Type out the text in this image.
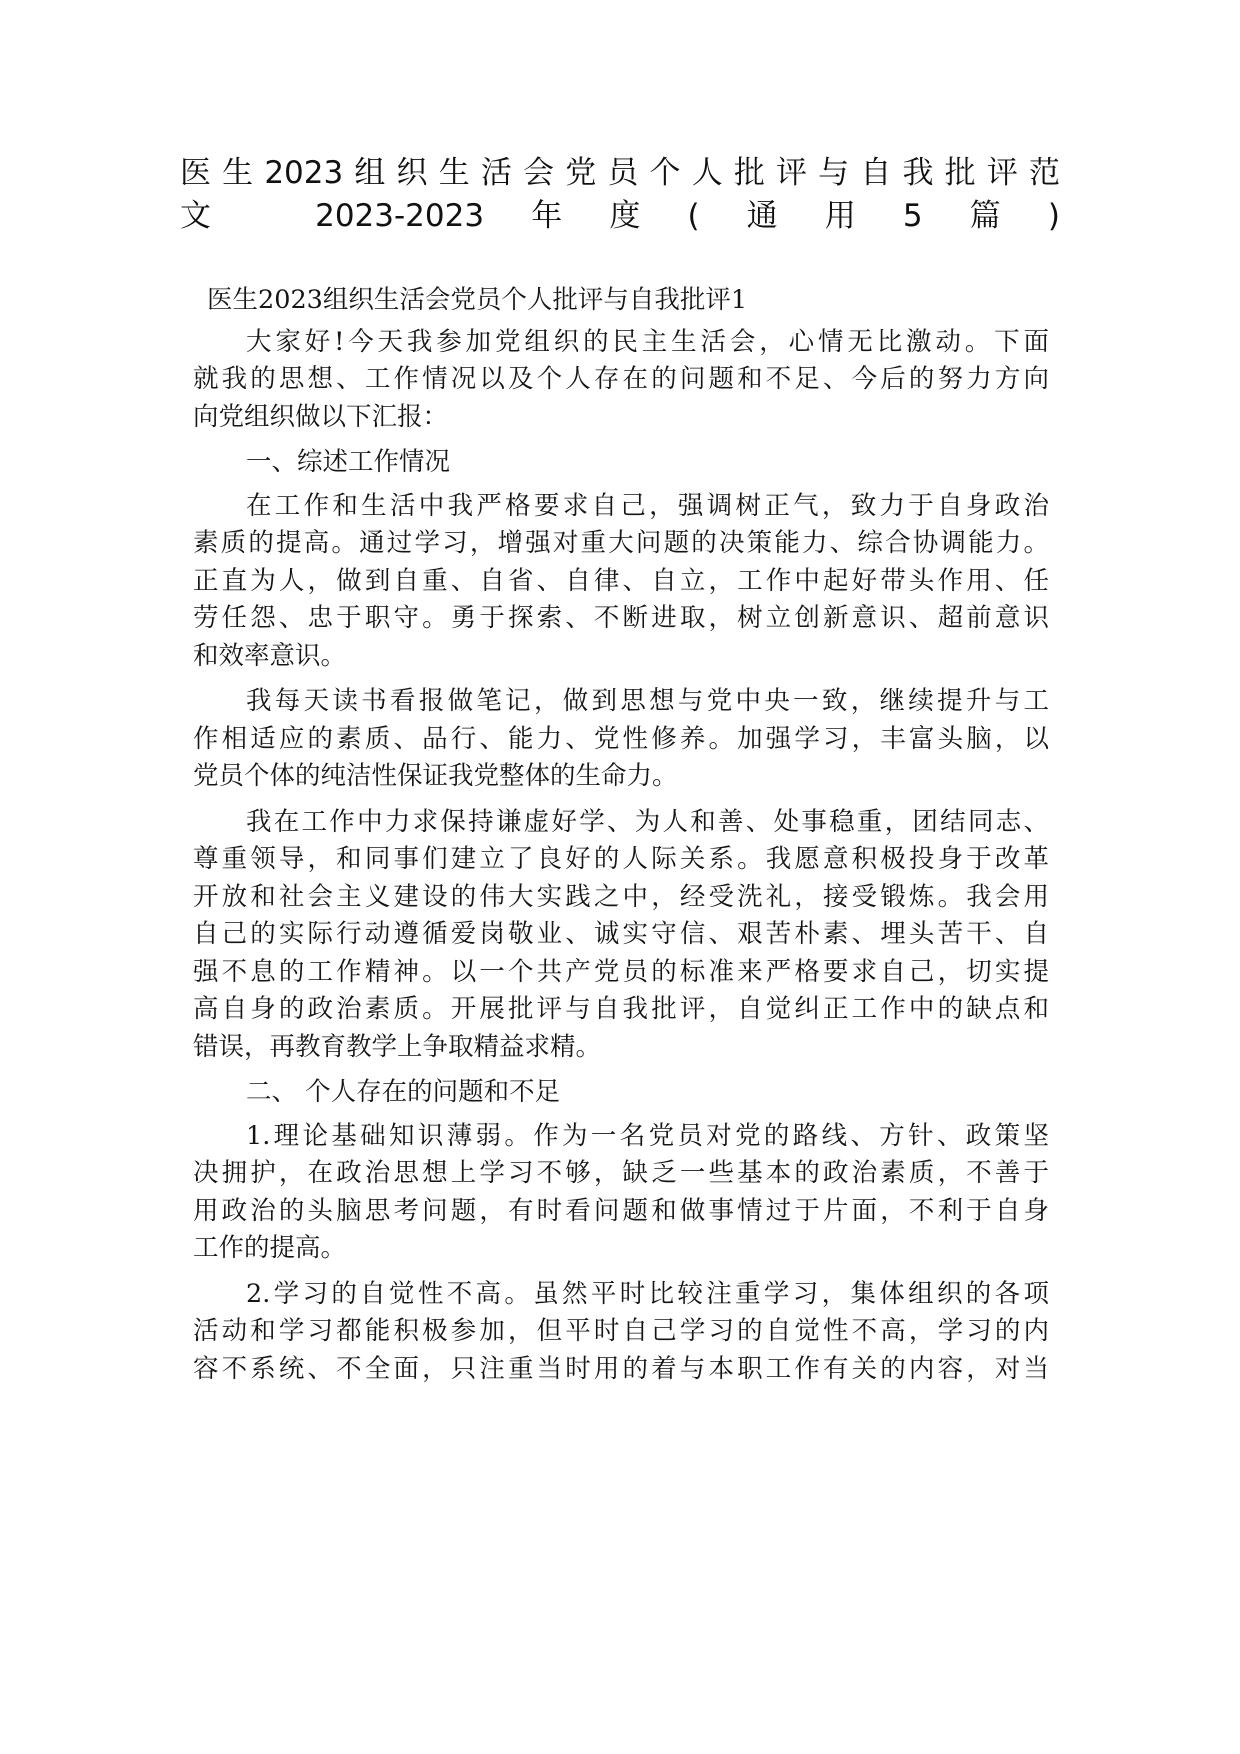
医生2023组织生活会党员个人批评与自我批评范
文 2023-2023年度(通用5篇)
医生2023组织生活会党员个人批评与自我批评1
大家好!今天我参加党组织的民主生活会，心情无比激动。下面
就我的思想、工作情况以及个人存在的问题和不足、今后的努力方向
向党组织做以下汇报：
一、综述工作情况
在工作和生活中我严格要求自己，强调树正气，致力于自身政治
素质的提高。通过学习，增强对重大问题的决策能力、综合协调能力。
正直为人，做到自重、自省、自律、自立，工作中起好带头作用、任
劳任怨、忠于职守。勇于探索、不断进取，树立创新意识、超前意识
和效率意识。
我每天读书看报做笔记，做到思想与党中央一致，继续提升与工
作相适应的素质、品行、能力、党性修养。加强学习，丰富头脑，以
党员个体的纯洁性保证我党整体的生命力。
我在工作中力求保持谦虚好学、为人和善、处事稳重，团结同志、
尊重领导，和同事们建立了良好的人际关系。我愿意积极投身于改革
开放和社会主义建设的伟大实践之中，经受洗礼，接受锻炼。我会用
自己的实际行动遵循爱岗敬业、诚实守信、艰苦朴素、埋头苦干、自
强不息的工作精神。以一个共产党员的标准来严格要求自己，切实提
高自身的政治素质。开展批评与自我批评，自觉纠正工作中的缺点和
错误，再教育教学上争取精益求精。
二、 个人存在的问题和不足
1.理论基础知识薄弱。作为一名党员对党的路线、方针、政策坚
决拥护，在政治思想上学习不够，缺乏一些基本的政治素质，不善于
用政治的头脑思考问题，有时看问题和做事情过于片面，不利于自身
工作的提高。
2.学习的自觉性不高。虽然平时比较注重学习，集体组织的各项
活动和学习都能积极参加，但平时自己学习的自觉性不高，学习的内
容不系统、不全面，只注重当时用的着与本职工作有关的内容，对当
